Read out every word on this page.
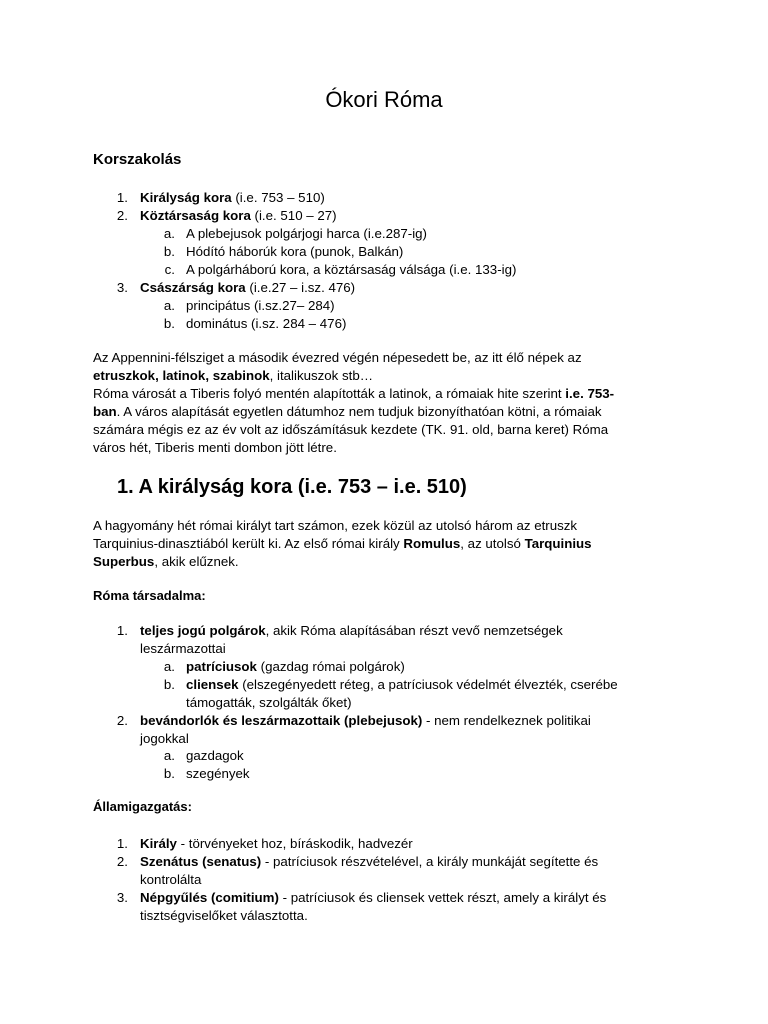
Ókori Róma
Korszakolás
1. Királyság kora (i.e. 753 – 510)
2. Köztársaság kora (i.e. 510 – 27)
a. A plebejusok polgárjogi harca (i.e.287-ig)
b. Hódító háborúk kora (punok, Balkán)
c. A polgárháború kora, a köztársaság válsága (i.e. 133-ig)
3. Császárság kora (i.e.27 – i.sz. 476)
a. principátus (i.sz.27– 284)
b. dominátus (i.sz. 284 – 476)
Az Appennini-félsziget a második évezred végén népesedett be, az itt élő népek az
etruszkok, latinok, szabinok, italikuszok stb…
Róma városát a Tiberis folyó mentén alapították a latinok, a rómaiak hite szerint i.e. 753-
ban. A város alapítását egyetlen dátumhoz nem tudjuk bizonyíthatóan kötni, a rómaiak
számára mégis ez az év volt az időszámításuk kezdete (TK. 91. old, barna keret) Róma
város hét, Tiberis menti dombon jött létre.
1. A királyság kora (i.e. 753 – i.e. 510)
A hagyomány hét római királyt tart számon, ezek közül az utolsó három az etruszk
Tarquinius-dinasztiából került ki. Az első római király Romulus, az utolsó Tarquinius
Superbus, akik elűznek.
Róma társadalma:
1. teljes jogú polgárok, akik Róma alapításában részt vevő nemzetségek
leszármazottai
a. patríciusok (gazdag római polgárok)
b. cliensek (elszegényedett réteg, a patríciusok védelmét élvezték, cserébe
támogatták, szolgálták őket)
2. bevándorlók és leszármazottaik (plebejusok) - nem rendelkeznek politikai
jogokkal
a. gazdagok
b. szegények
Államigazgatás:
1. Király - törvényeket hoz, bíráskodik, hadvezér
2. Szenátus (senatus) - patríciusok részvételével, a király munkáját segítette és
kontrolálta
3. Népgyűlés (comitium) - patríciusok és cliensek vettek részt, amely a királyt és
tisztségviselőket választotta.
